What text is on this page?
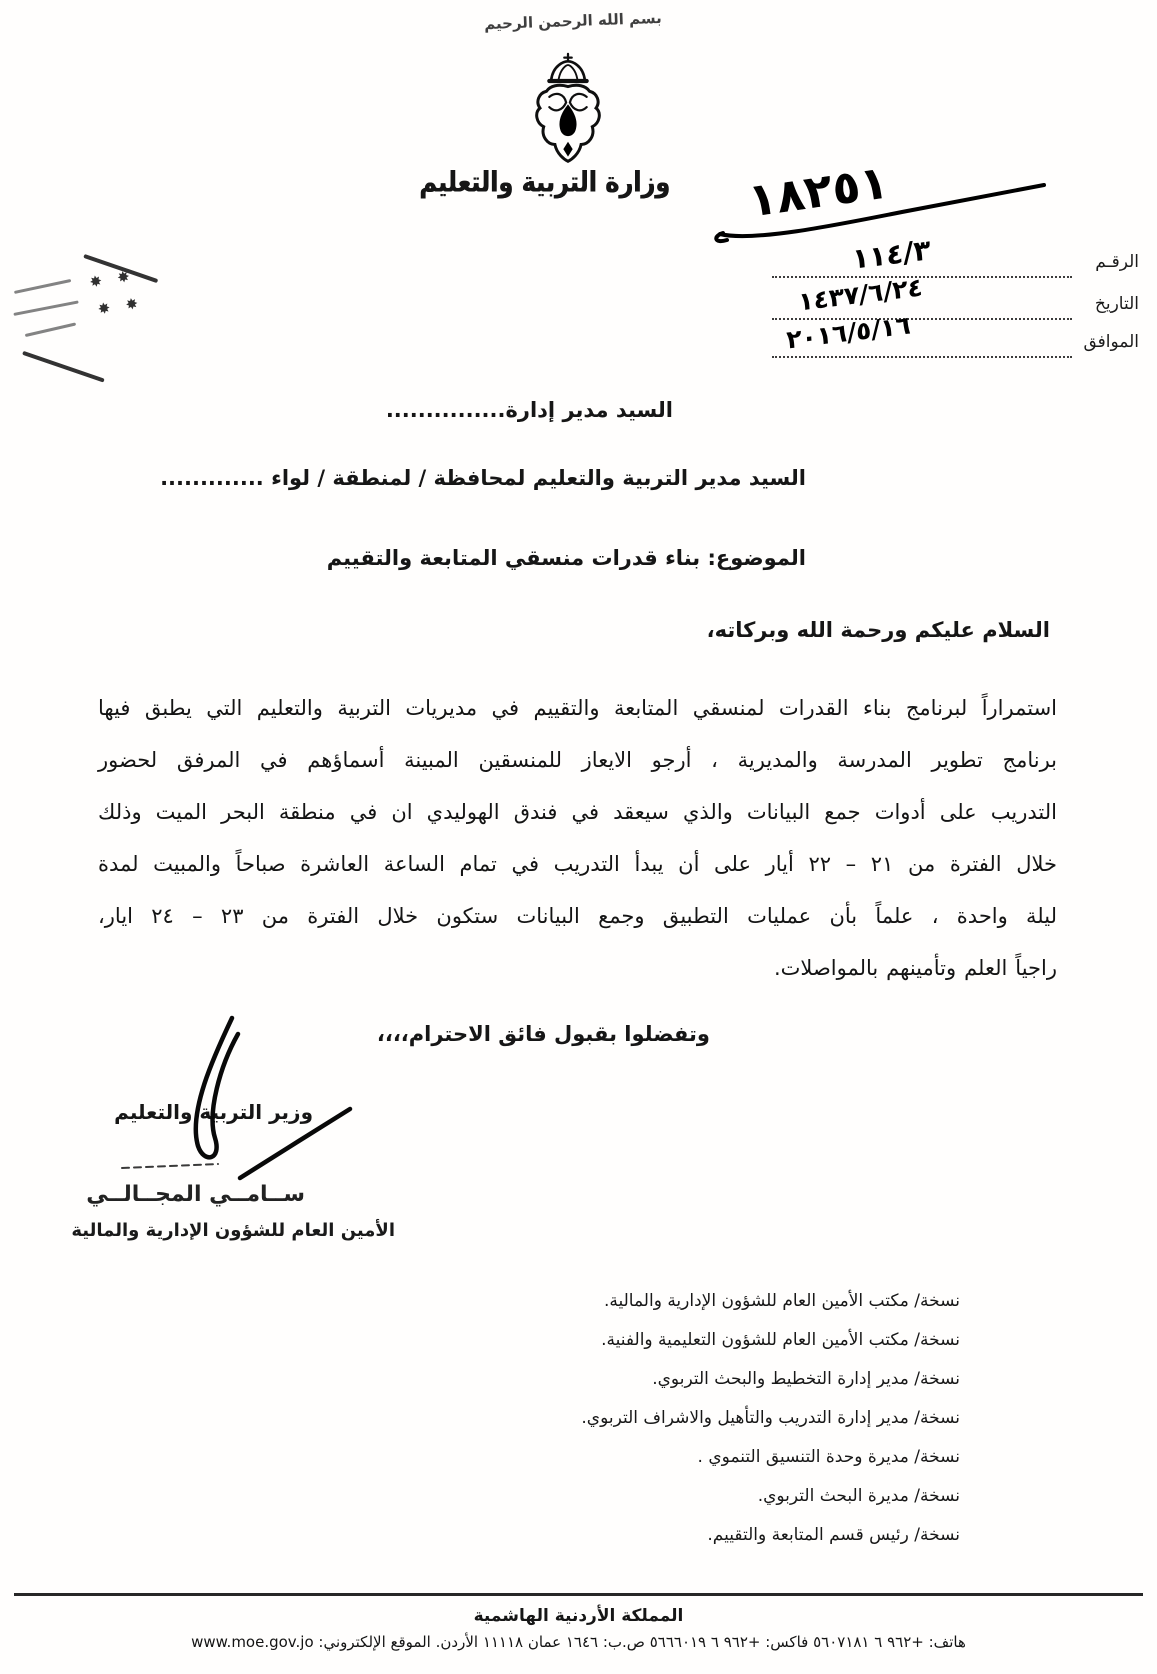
بسم الله الرحمن الرحيم
وزارة التربية والتعليم ١٨٢٥١
الرقـم
١١٤/٣
التاريخ
١٤٣٧/٦/٢٤
الموافق
٢٠١٦/٥/١٦
✸ ✸
✸ ✸
السيد مدير إدارة...............
السيد مدير التربية والتعليم لمحافظة / لمنطقة / لواء .............
الموضوع: بناء قدرات منسقي المتابعة والتقييم
السلام عليكم ورحمة الله وبركاته،
استمراراً لبرنامج بناء القدرات لمنسقي المتابعة والتقييم في مديريات التربية والتعليم التي يطبق فيها
برنامج تطوير المدرسة والمديرية ، أرجو الايعاز للمنسقين المبينة أسماؤهم في المرفق لحضور
التدريب على أدوات جمع البيانات والذي سيعقد في فندق الهوليدي ان في منطقة البحر الميت وذلك
خلال الفترة من ٢١ – ٢٢ أيار على أن يبدأ التدريب في تمام الساعة العاشرة صباحاً والمبيت لمدة
ليلة واحدة ، علماً بأن عمليات التطبيق وجمع البيانات ستكون خلال الفترة من ٢٣ – ٢٤ ايار،
راجياً العلم وتأمينهم بالمواصلات.
وتفضلوا بقبول فائق الاحترام،،،،
وزير التربية والتعليم
ســامــي المجــالــي
الأمين العام للشؤون الإدارية والمالية
نسخة/ مكتب الأمين العام للشؤون الإدارية والمالية.
نسخة/ مكتب الأمين العام للشؤون التعليمية والفنية.
نسخة/ مدير إدارة التخطيط والبحث التربوي.
نسخة/ مدير إدارة التدريب والتأهيل والاشراف التربوي.
نسخة/ مديرة وحدة التنسيق التنموي .
نسخة/ مديرة البحث التربوي.
نسخة/ رئيس قسم المتابعة والتقييم.
المملكة الأردنية الهاشمية
هاتف: +٩٦٢ ٦ ٥٦٠٧١٨١ فاكس: +٩٦٢ ٦ ٥٦٦٦٠١٩ ص.ب: ١٦٤٦ عمان ١١١١٨ الأردن. الموقع الإلكتروني: www.moe.gov.jo
